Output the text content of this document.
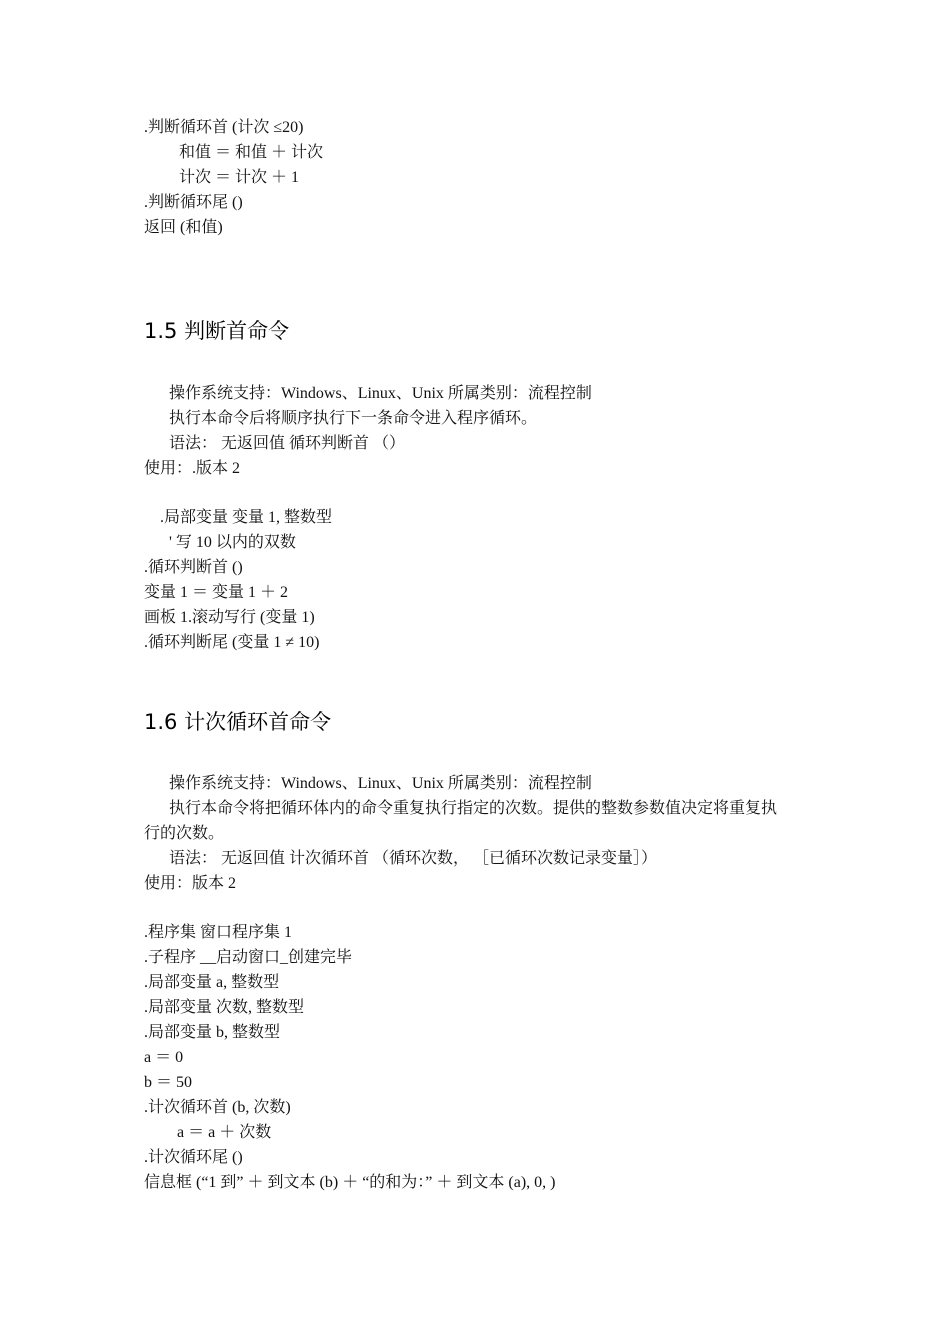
.判断循环首 (计次 ≤20)
和值 ＝ 和值 ＋ 计次
计次 ＝ 计次 ＋ 1
.判断循环尾 ()
返回 (和值)
1.5 判断首命令
操作系统支持：Windows、Linux、Unix 所属类别：流程控制
执行本命令后将顺序执行下一条命令进入程序循环。
语法： 无返回值 循环判断首 （）
使用：.版本 2
.局部变量 变量 1, 整数型
' 写 10 以内的双数
.循环判断首 ()
变量 1 ＝ 变量 1 ＋ 2
画板 1.滚动写行 (变量 1)
.循环判断尾 (变量 1 ≠ 10)
1.6 计次循环首命令
操作系统支持：Windows、Linux、Unix 所属类别：流程控制
执行本命令将把循环体内的命令重复执行指定的次数。提供的整数参数值决定将重复执
行的次数。
语法： 无返回值 计次循环首 （循环次数， ［已循环次数记录变量］）
使用：版本 2
.程序集 窗口程序集 1
.子程序 __启动窗口_创建完毕
.局部变量 a, 整数型
.局部变量 次数, 整数型
.局部变量 b, 整数型
a ＝ 0
b ＝ 50
.计次循环首 (b, 次数)
a ＝ a ＋ 次数
.计次循环尾 ()
信息框 (“1 到” ＋ 到文本 (b) ＋ “的和为：” ＋ 到文本 (a), 0, )
